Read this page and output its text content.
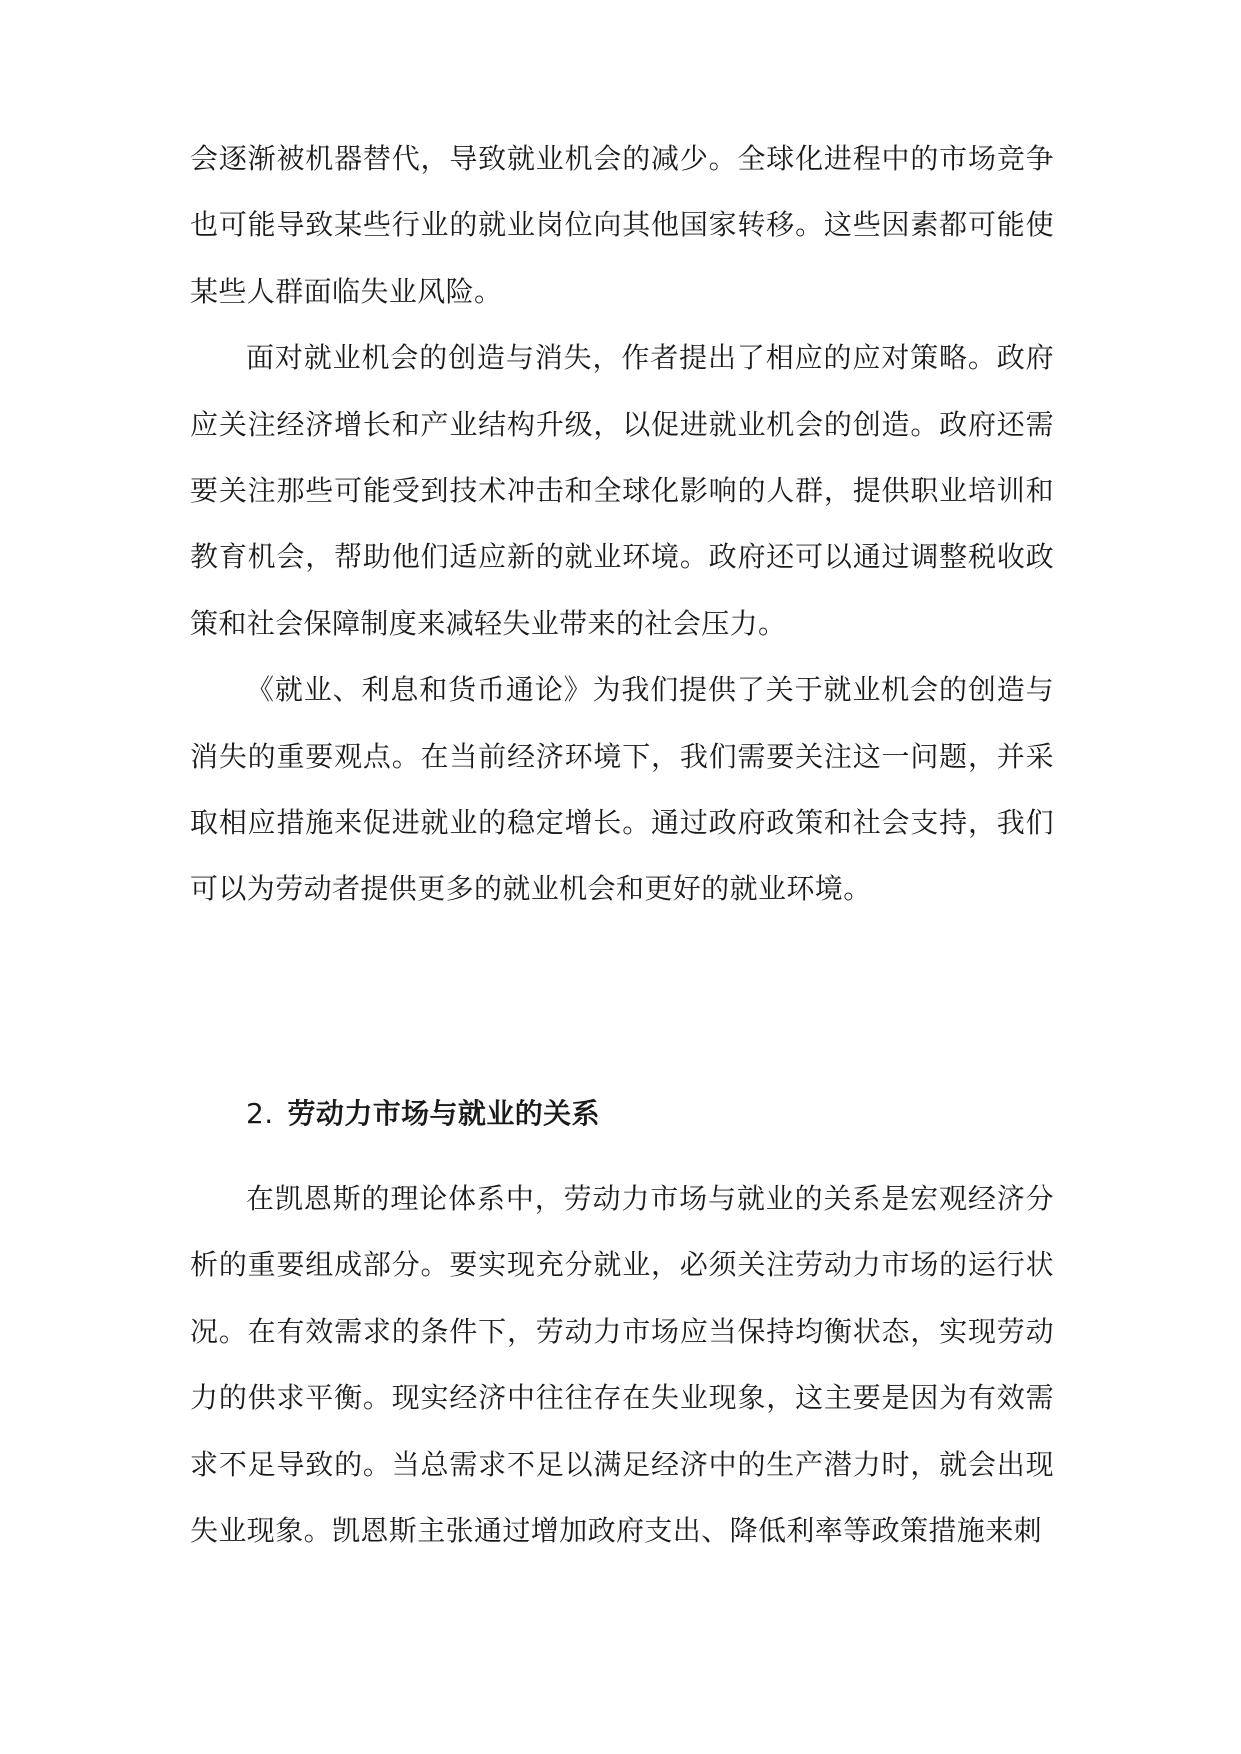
会逐渐被机器替代，导致就业机会的减少。全球化进程中的市场竞争也可能导致某些行业的就业岗位向其他国家转移。这些因素都可能使某些人群面临失业风险。

面对就业机会的创造与消失，作者提出了相应的应对策略。政府应关注经济增长和产业结构升级，以促进就业机会的创造。政府还需要关注那些可能受到技术冲击和全球化影响的人群，提供职业培训和教育机会，帮助他们适应新的就业环境。政府还可以通过调整税收政策和社会保障制度来减轻失业带来的社会压力。

《就业、利息和货币通论》为我们提供了关于就业机会的创造与消失的重要观点。在当前经济环境下，我们需要关注这一问题，并采取相应措施来促进就业的稳定增长。通过政府政策和社会支持，我们可以为劳动者提供更多的就业机会和更好的就业环境。

2. 劳动力市场与就业的关系

在凯恩斯的理论体系中，劳动力市场与就业的关系是宏观经济分析的重要组成部分。要实现充分就业，必须关注劳动力市场的运行状况。在有效需求的条件下，劳动力市场应当保持均衡状态，实现劳动力的供求平衡。现实经济中往往存在失业现象，这主要是因为有效需求不足导致的。当总需求不足以满足经济中的生产潜力时，就会出现失业现象。凯恩斯主张通过增加政府支出、降低利率等政策措施来刺
